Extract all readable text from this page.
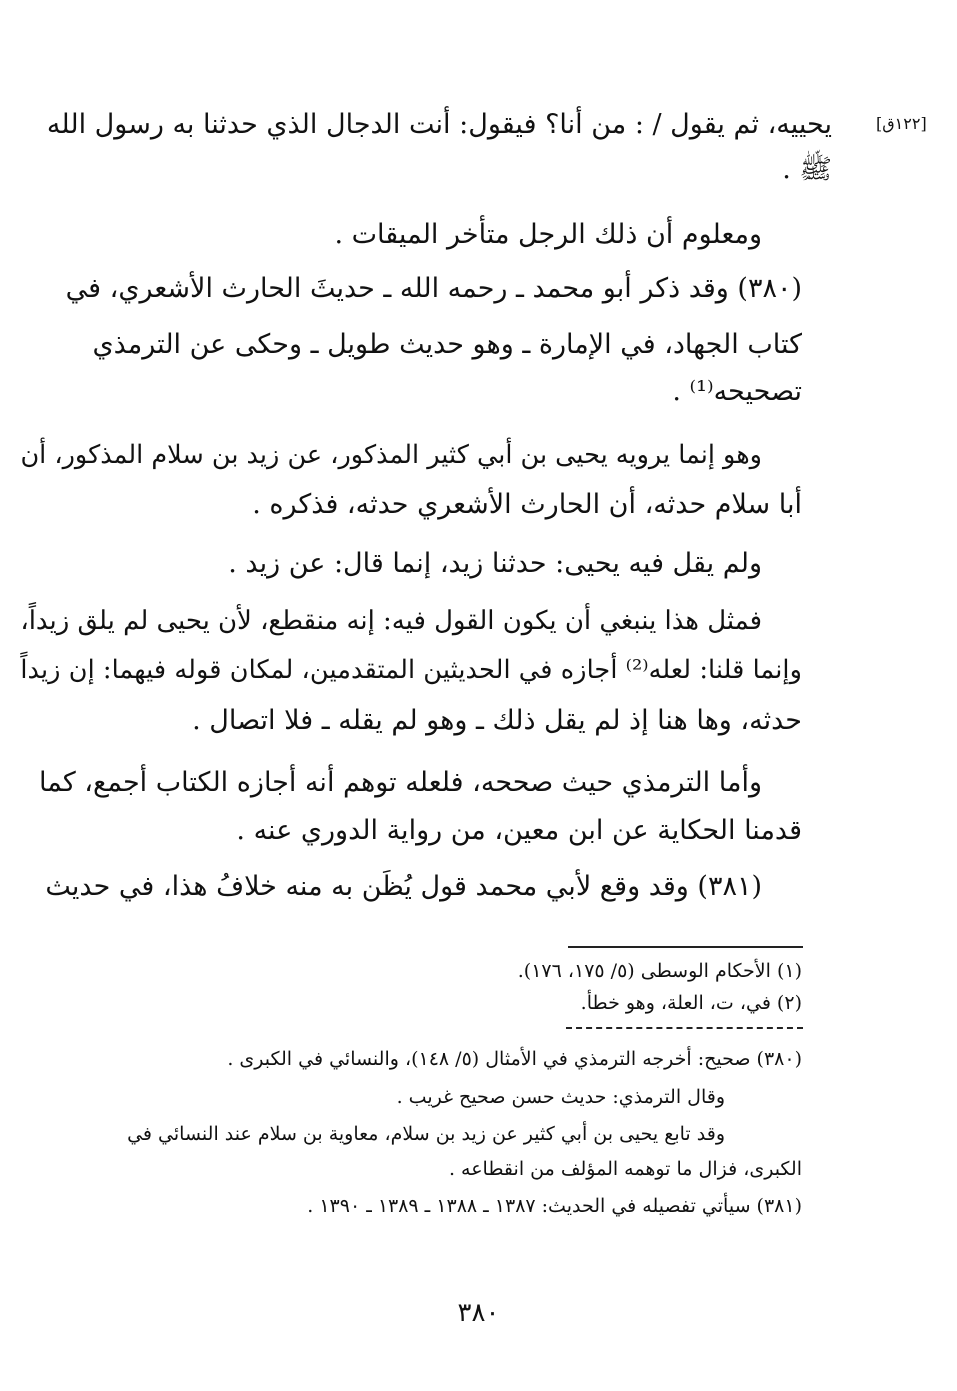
[١٢٢ق]
يحييه، ثم يقول / : من أنا؟ فيقول: أنت الدجال الذي حدثنا به رسول الله
ﷺ .
ومعلوم أن ذلك الرجل متأخر الميقات .
(٣٨٠) وقد ذكر أبو محمد ـ رحمه الله ـ حديثَ الحارث الأشعري، في
كتاب الجهاد، في الإمارة ـ وهو حديث طويل ـ وحكى عن الترمذي
تصحيحه⁽¹⁾ .
وهو إنما يرويه يحيى بن أبي كثير المذكور، عن زيد بن سلام المذكور، أن
أبا سلام حدثه، أن الحارث الأشعري حدثه، فذكره .
ولم يقل فيه يحيى: حدثنا زيد، إنما قال: عن زيد .
فمثل هذا ينبغي أن يكون القول فيه: إنه منقطع، لأن يحيى لم يلق زيداً،
وإنما قلنا: لعله⁽²⁾ أجازه في الحديثين المتقدمين، لمكان قوله فيهما: إن زيداً
حدثه، وها هنا إذ لم يقل ذلك ـ وهو لم يقله ـ فلا اتصال .
وأما الترمذي حيث صححه، فلعله توهم أنه أجازه الكتاب أجمع، كما
قدمنا الحكاية عن ابن معين، من رواية الدوري عنه .
(٣٨١) وقد وقع لأبي محمد قول يُظَن به منه خلافُ هذا، في حديث
(١) الأحكام الوسطى (٥/ ١٧٥، ١٧٦).
(٢) في، ت، العلة، وهو خطأ.
(٣٨٠) صحيح: أخرجه الترمذي في الأمثال (٥/ ١٤٨)، والنسائي في الكبرى .
وقال الترمذي: حديث حسن صحيح غريب .
وقد تابع يحيى بن أبي كثير عن زيد بن سلام، معاوية بن سلام عند النسائي في
الكبرى، فزال ما توهمه المؤلف من انقطاعه .
(٣٨١) سيأتي تفصيله في الحديث: ١٣٨٧ ـ ١٣٨٨ ـ ١٣٨٩ ـ ١٣٩٠ .
٣٨٠
